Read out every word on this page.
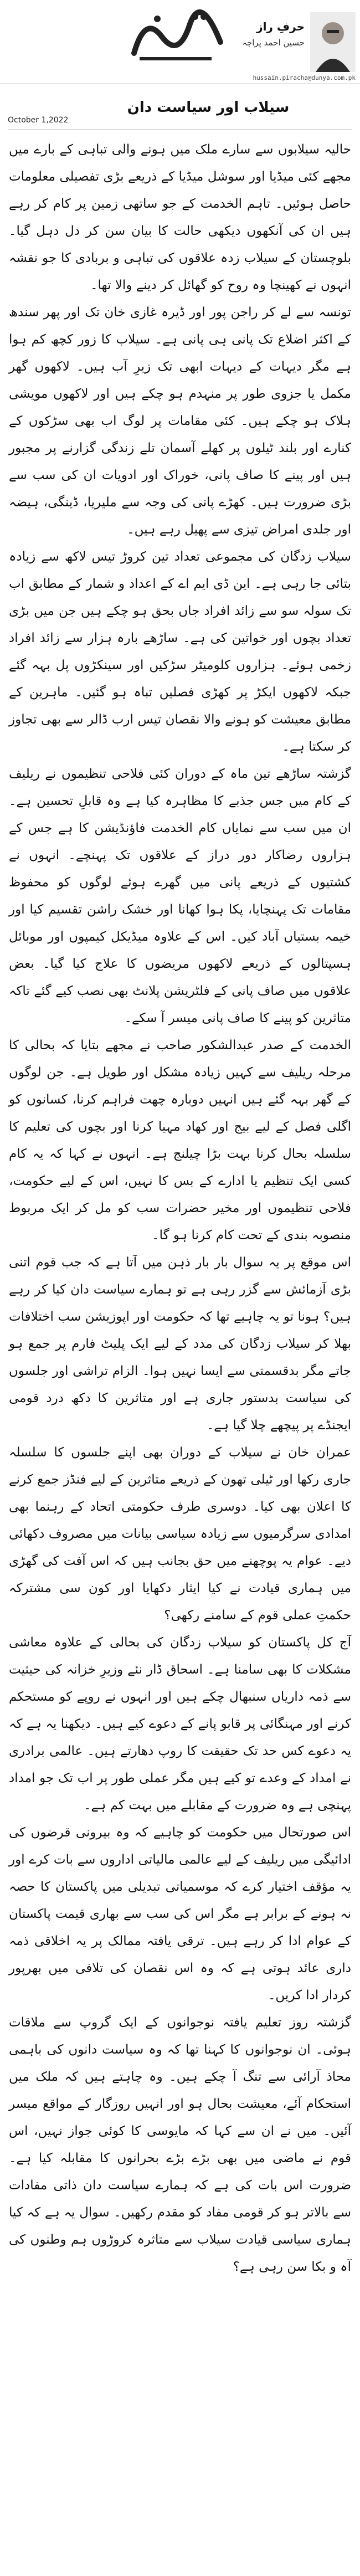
حرفِ راز
حسین احمد پراچہ
hussain.piracha@dunya.com.pk
October 1,2022
سیلاب اور سیاست دان

حالیہ سیلابوں سے سارے ملک میں ہونے والی تباہی کے بارے میں مجھے کئی میڈیا اور سوشل میڈیا کے ذریعے بڑی تفصیلی معلومات حاصل ہوئیں۔ تاہم الخدمت کے جو ساتھی زمین پر کام کر رہے ہیں ان کی آنکھوں دیکھی حالت کا بیان سن کر دل دہل گیا۔ بلوچستان کے سیلاب زدہ علاقوں کی تباہی و بربادی کا جو نقشہ انہوں نے کھینچا وہ روح کو گھائل کر دینے والا تھا۔

تونسہ سے لے کر راجن پور اور ڈیرہ غازی خان تک اور پھر سندھ کے اکثر اضلاع تک پانی ہی پانی ہے۔ سیلاب کا زور کچھ کم ہوا ہے مگر دیہات کے دیہات ابھی تک زیرِ آب ہیں۔ لاکھوں گھر مکمل یا جزوی طور پر منہدم ہو چکے ہیں اور لاکھوں مویشی ہلاک ہو چکے ہیں۔ کئی مقامات پر لوگ اب بھی سڑکوں کے کنارے اور بلند ٹیلوں پر کھلے آسمان تلے زندگی گزارنے پر مجبور ہیں اور پینے کا صاف پانی، خوراک اور ادویات ان کی سب سے بڑی ضرورت ہیں۔ کھڑے پانی کی وجہ سے ملیریا، ڈینگی، ہیضہ اور جلدی امراض تیزی سے پھیل رہے ہیں۔

سیلاب زدگان کی مجموعی تعداد تین کروڑ تیس لاکھ سے زیادہ بتائی جا رہی ہے۔ این ڈی ایم اے کے اعداد و شمار کے مطابق اب تک سولہ سو سے زائد افراد جاں بحق ہو چکے ہیں جن میں بڑی تعداد بچوں اور خواتین کی ہے۔ ساڑھے بارہ ہزار سے زائد افراد زخمی ہوئے۔ ہزاروں کلومیٹر سڑکیں اور سینکڑوں پل بہہ گئے جبکہ لاکھوں ایکڑ پر کھڑی فصلیں تباہ ہو گئیں۔ ماہرین کے مطابق معیشت کو ہونے والا نقصان تیس ارب ڈالر سے بھی تجاوز کر سکتا ہے۔

گزشتہ ساڑھے تین ماہ کے دوران کئی فلاحی تنظیموں نے ریلیف کے کام میں جس جذبے کا مظاہرہ کیا ہے وہ قابلِ تحسین ہے۔ ان میں سب سے نمایاں کام الخدمت فاؤنڈیشن کا ہے جس کے ہزاروں رضاکار دور دراز کے علاقوں تک پہنچے۔ انہوں نے کشتیوں کے ذریعے پانی میں گھرے ہوئے لوگوں کو محفوظ مقامات تک پہنچایا، پکا ہوا کھانا اور خشک راشن تقسیم کیا اور خیمہ بستیاں آباد کیں۔ اس کے علاوہ میڈیکل کیمپوں اور موبائل ہسپتالوں کے ذریعے لاکھوں مریضوں کا علاج کیا گیا۔ بعض علاقوں میں صاف پانی کے فلٹریشن پلانٹ بھی نصب کیے گئے تاکہ متاثرین کو پینے کا صاف پانی میسر آ سکے۔

الخدمت کے صدر عبدالشکور صاحب نے مجھے بتایا کہ بحالی کا مرحلہ ریلیف سے کہیں زیادہ مشکل اور طویل ہے۔ جن لوگوں کے گھر بہہ گئے ہیں انہیں دوبارہ چھت فراہم کرنا، کسانوں کو اگلی فصل کے لیے بیج اور کھاد مہیا کرنا اور بچوں کی تعلیم کا سلسلہ بحال کرنا بہت بڑا چیلنج ہے۔ انہوں نے کہا کہ یہ کام کسی ایک تنظیم یا ادارے کے بس کا نہیں، اس کے لیے حکومت، فلاحی تنظیموں اور مخیر حضرات سب کو مل کر ایک مربوط منصوبہ بندی کے تحت کام کرنا ہو گا۔

اس موقع پر یہ سوال بار بار ذہن میں آتا ہے کہ جب قوم اتنی بڑی آزمائش سے گزر رہی ہے تو ہمارے سیاست دان کیا کر رہے ہیں؟ ہونا تو یہ چاہیے تھا کہ حکومت اور اپوزیشن سب اختلافات بھلا کر سیلاب زدگان کی مدد کے لیے ایک پلیٹ فارم پر جمع ہو جاتے مگر بدقسمتی سے ایسا نہیں ہوا۔ الزام تراشی اور جلسوں کی سیاست بدستور جاری ہے اور متاثرین کا دکھ درد قومی ایجنڈے پر پیچھے چلا گیا ہے۔

عمران خان نے سیلاب کے دوران بھی اپنے جلسوں کا سلسلہ جاری رکھا اور ٹیلی تھون کے ذریعے متاثرین کے لیے فنڈز جمع کرنے کا اعلان بھی کیا۔ دوسری طرف حکومتی اتحاد کے رہنما بھی امدادی سرگرمیوں سے زیادہ سیاسی بیانات میں مصروف دکھائی دیے۔ عوام یہ پوچھنے میں حق بجانب ہیں کہ اس آفت کی گھڑی میں ہماری قیادت نے کیا ایثار دکھایا اور کون سی مشترکہ حکمتِ عملی قوم کے سامنے رکھی؟

آج کل پاکستان کو سیلاب زدگان کی بحالی کے علاوہ معاشی مشکلات کا بھی سامنا ہے۔ اسحاق ڈار نئے وزیرِ خزانہ کی حیثیت سے ذمہ داریاں سنبھال چکے ہیں اور انہوں نے روپے کو مستحکم کرنے اور مہنگائی پر قابو پانے کے دعوے کیے ہیں۔ دیکھنا یہ ہے کہ یہ دعوے کس حد تک حقیقت کا روپ دھارتے ہیں۔ عالمی برادری نے امداد کے وعدے تو کیے ہیں مگر عملی طور پر اب تک جو امداد پہنچی ہے وہ ضرورت کے مقابلے میں بہت کم ہے۔

اس صورتحال میں حکومت کو چاہیے کہ وہ بیرونی قرضوں کی ادائیگی میں ریلیف کے لیے عالمی مالیاتی اداروں سے بات کرے اور یہ مؤقف اختیار کرے کہ موسمیاتی تبدیلی میں پاکستان کا حصہ نہ ہونے کے برابر ہے مگر اس کی سب سے بھاری قیمت پاکستان کے عوام ادا کر رہے ہیں۔ ترقی یافتہ ممالک پر یہ اخلاقی ذمہ داری عائد ہوتی ہے کہ وہ اس نقصان کی تلافی میں بھرپور کردار ادا کریں۔

گزشتہ روز تعلیم یافتہ نوجوانوں کے ایک گروپ سے ملاقات ہوئی۔ ان نوجوانوں کا کہنا تھا کہ وہ سیاست دانوں کی باہمی محاذ آرائی سے تنگ آ چکے ہیں۔ وہ چاہتے ہیں کہ ملک میں استحکام آئے، معیشت بحال ہو اور انہیں روزگار کے مواقع میسر آئیں۔ میں نے ان سے کہا کہ مایوسی کا کوئی جواز نہیں، اس قوم نے ماضی میں بھی بڑے بڑے بحرانوں کا مقابلہ کیا ہے۔ ضرورت اس بات کی ہے کہ ہمارے سیاست دان ذاتی مفادات سے بالاتر ہو کر قومی مفاد کو مقدم رکھیں۔ سوال یہ ہے کہ کیا ہماری سیاسی قیادت سیلاب سے متاثرہ کروڑوں ہم وطنوں کی آہ و بکا سن رہی ہے؟
